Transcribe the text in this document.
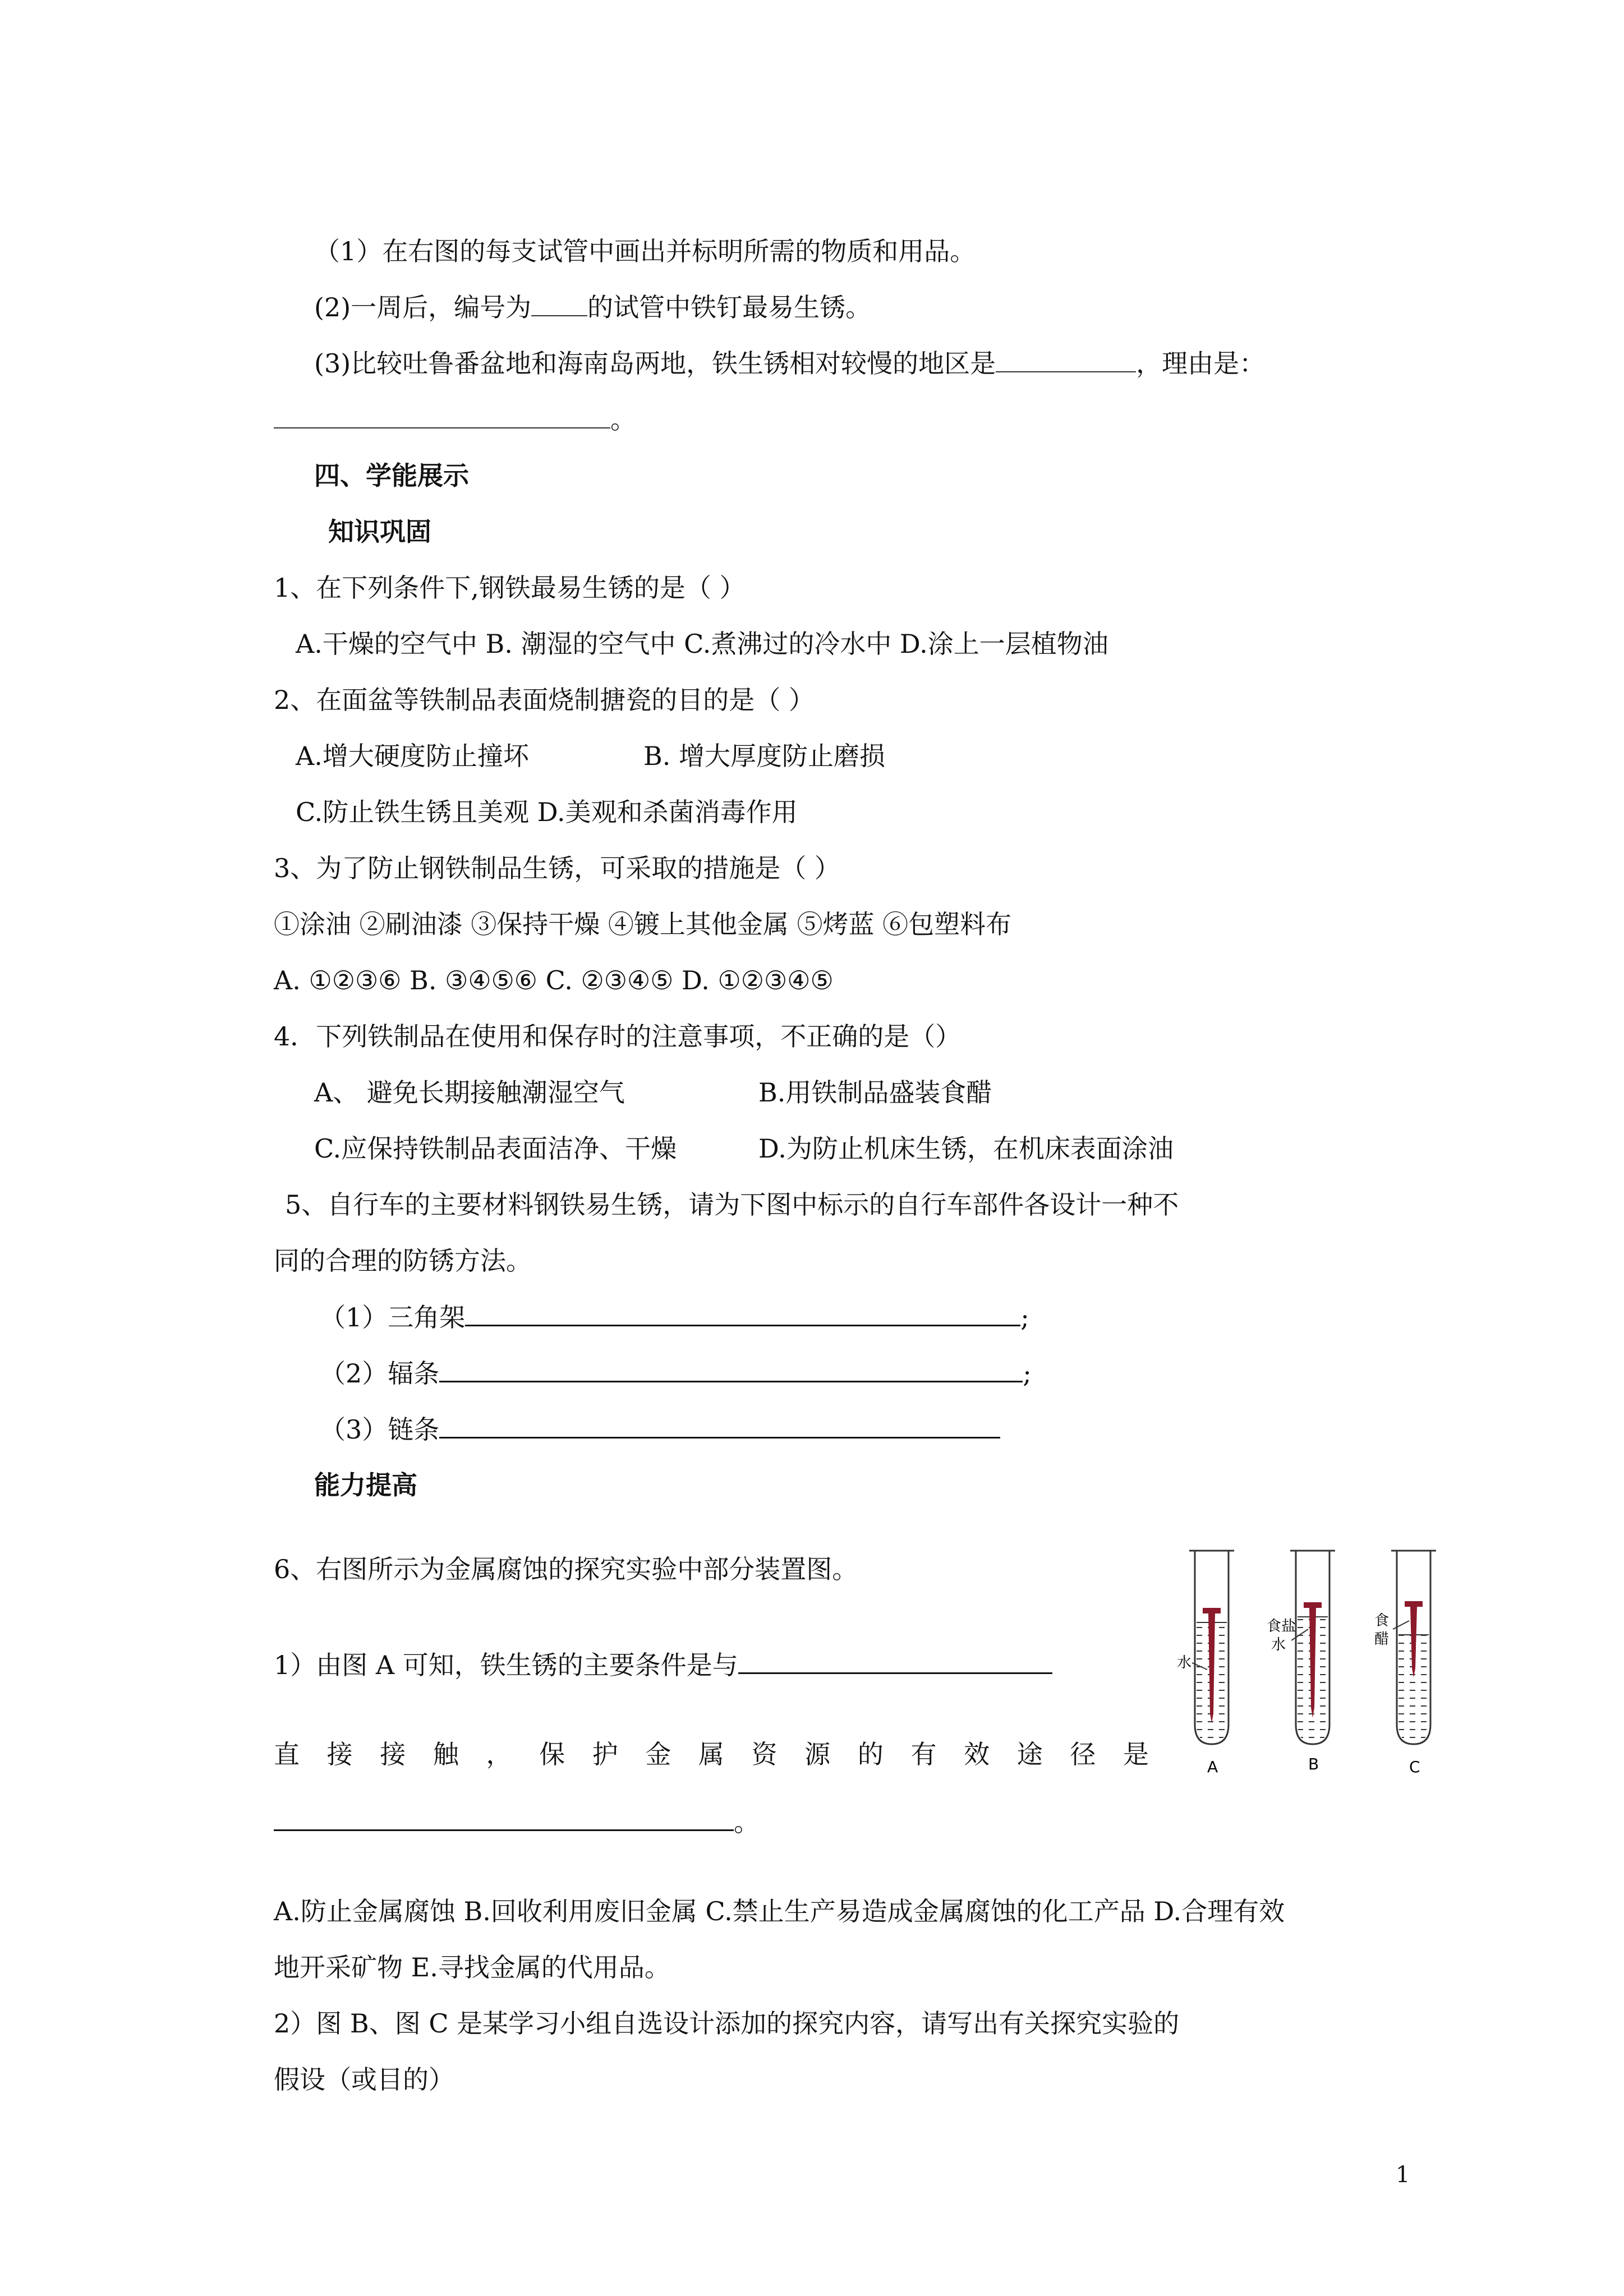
（1）在右图的每支试管中画出并标明所需的物质和用品。
(2)一周后，编号为 的试管中铁钉最易生锈。
(3)比较吐鲁番盆地和海南岛两地，铁生锈相对较慢的地区是	，理由是：
。
四、学能展示
知识巩固
1、在下列条件下,钢铁最易生锈的是（ ）
A.干燥的空气中 B. 潮湿的空气中 C.煮沸过的冷水中 D.涂上一层植物油
2、在面盆等铁制品表面烧制搪瓷的目的是（ ）
A.增大硬度防止撞坏	B. 增大厚度防止磨损
C.防止铁生锈且美观 D.美观和杀菌消毒作用
3、为了防止钢铁制品生锈，可采取的措施是（ ）
①涂油 ②刷油漆 ③保持干燥 ④镀上其他金属 ⑤烤蓝 ⑥包塑料布
A. ①②③⑥ B. ③④⑤⑥ C. ②③④⑤ D. ①②③④⑤
4．下列铁制品在使用和保存时的注意事项，不正确的是（）
A、 避免长期接触潮湿空气	B.用铁制品盛装食醋
C.应保持铁制品表面洁净、干燥	D.为防止机床生锈，在机床表面涂油
5、自行车的主要材料钢铁易生锈，请为下图中标示的自行车部件各设计一种不
同的合理的防锈方法。
（1）三角架	;
（2）辐条	;
（3）链条
能力提高
6、右图所示为金属腐蚀的探究实验中部分装置图。
1）由图 A 可知，铁生锈的主要条件是与
直 接 接 触 ， 保 护 金 属 资 源 的 有 效 途 径 是
。
A.防止金属腐蚀 B.回收利用废旧金属 C.禁止生产易造成金属腐蚀的化工产品 D.合理有效
地开采矿物 E.寻找金属的代用品。
2）图 B、图 C 是某学习小组自选设计添加的探究内容，请写出有关探究实验的
假设（或目的）
水
食盐
水
食
醋
A	B	C
1
